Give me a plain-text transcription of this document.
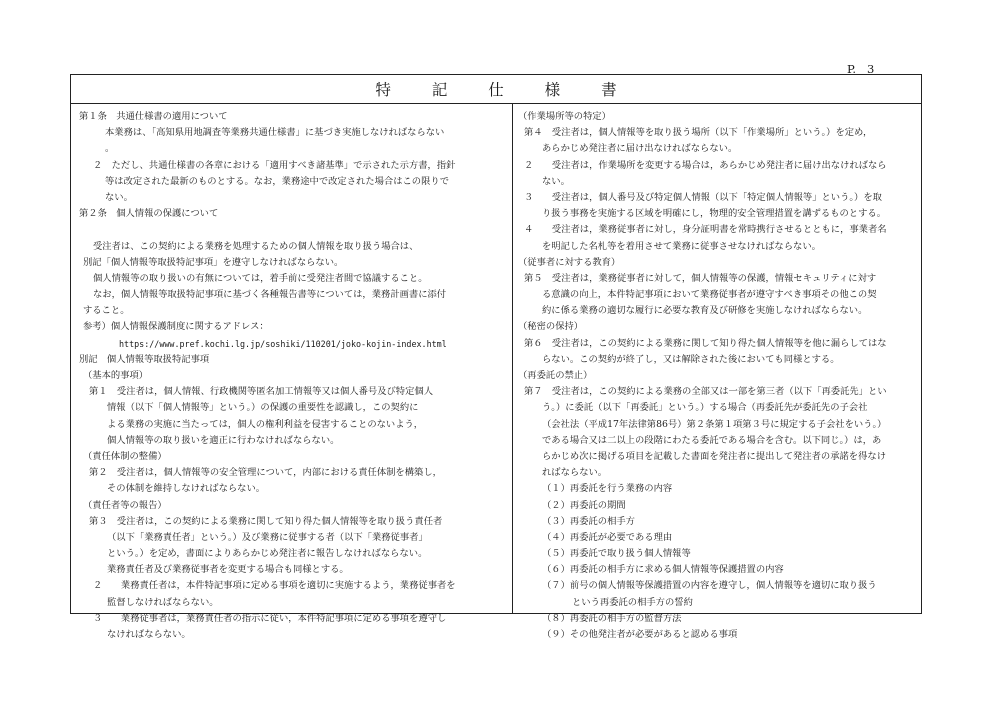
P.   3
特 記 仕 様 書
第１条　共通仕様書の適用について
本業務は、「高知県用地調査等業務共通仕様書」に基づき実施しなければならない
。
２　ただし、共通仕様書の各章における「適用すべき諸基準」で示された示方書，指針
等は改定された最新のものとする。なお，業務途中で改定された場合はこの限りで
ない。
第２条　個人情報の保護について
受注者は、この契約による業務を処理するための個人情報を取り扱う場合は、
別記「個人情報等取扱特記事項」を遵守しなければならない。
個人情報等の取り扱いの有無については，着手前に受発注者間で協議すること。
なお，個人情報等取扱特記事項に基づく各種報告書等については，業務計画書に添付
すること。
参考）個人情報保護制度に関するアドレス：
https://www.pref.kochi.lg.jp/soshiki/110201/joko-kojin-index.html
別記　個人情報等取扱特記事項
（基本的事項）
第１　受注者は，個人情報、行政機関等匿名加工情報等又は個人番号及び特定個人
情報（以下「個人情報等」という。）の保護の重要性を認識し，この契約に
よる業務の実施に当たっては，個人の権利利益を侵害することのないよう，
個人情報等の取り扱いを適正に行わなければならない。
（責任体制の整備）
第２　受注者は，個人情報等の安全管理について，内部における責任体制を構築し，
その体制を維持しなければならない。
（責任者等の報告）
第３　受注者は，この契約による業務に関して知り得た個人情報等を取り扱う責任者
（以下「業務責任者」という。）及び業務に従事する者（以下「業務従事者」
という。）を定め，書面によりあらかじめ発注者に報告しなければならない。
業務責任者及び業務従事者を変更する場合も同様とする。
２　　業務責任者は，本件特記事項に定める事項を適切に実施するよう，業務従事者を
監督しなければならない。
３　　業務従事者は，業務責任者の指示に従い，本件特記事項に定める事項を遵守し
なければならない。
（作業場所等の特定）
第４　受注者は，個人情報等を取り扱う場所（以下「作業場所」という。）を定め，
あらかじめ発注者に届け出なければならない。
２　　受注者は，作業場所を変更する場合は，あらかじめ発注者に届け出なければなら
ない。
３　　受注者は，個人番号及び特定個人情報（以下「特定個人情報等」という。）を取
り扱う事務を実施する区域を明確にし，物理的安全管理措置を講ずるものとする。
４　　受注者は，業務従事者に対し，身分証明書を常時携行させるとともに，事業者名
を明記した名札等を着用させて業務に従事させなければならない。
（従事者に対する教育）
第５　受注者は，業務従事者に対して，個人情報等の保護，情報セキュリティに対す
る意識の向上，本件特記事項において業務従事者が遵守すべき事項その他この契
約に係る業務の適切な履行に必要な教育及び研修を実施しなければならない。
（秘密の保持）
第６　受注者は，この契約による業務に関して知り得た個人情報等を他に漏らしてはな
らない。この契約が終了し，又は解除された後においても同様とする。
（再委託の禁止）
第７　受注者は，この契約による業務の全部又は一部を第三者（以下「再委託先」とい
う。）に委託（以下「再委託」という。）する場合（再委託先が委託先の子会社
（会社法（平成17年法律第86号）第２条第１項第３号に規定する子会社をいう。）
である場合又は二以上の段階にわたる委託である場合を含む。以下同じ。）は，あ
らかじめ次に掲げる項目を記載した書面を発注者に提出して発注者の承諾を得なけ
ればならない。
（１）再委託を行う業務の内容
（２）再委託の期間
（３）再委託の相手方
（４）再委託が必要である理由
（５）再委託で取り扱う個人情報等
（６）再委託の相手方に求める個人情報等保護措置の内容
（７）前号の個人情報等保護措置の内容を遵守し，個人情報等を適切に取り扱う
という再委託の相手方の誓約
（８）再委託の相手方の監督方法
（９）その他発注者が必要があると認める事項
